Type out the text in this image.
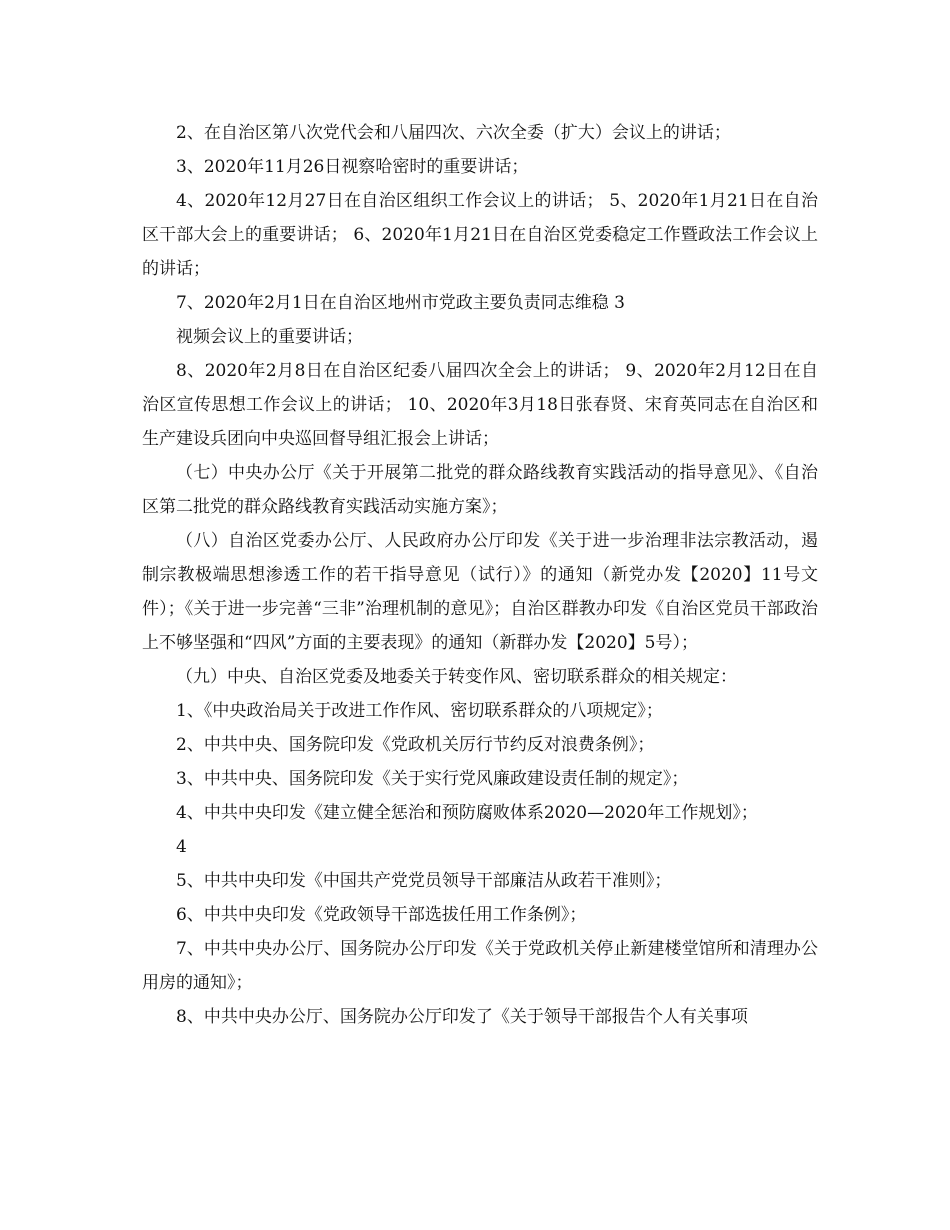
2、在自治区第八次党代会和八届四次、六次全委（扩大）会议上的讲话；

3、2020年11月26日视察哈密时的重要讲话；

4、2020年12月27日在自治区组织工作会议上的讲话； 5、2020年1月21日在自治区干部大会上的重要讲话； 6、2020年1月21日在自治区党委稳定工作暨政法工作会议上的讲话；

7、2020年2月1日在自治区地州市党政主要负责同志维稳 3

视频会议上的重要讲话；

8、2020年2月8日在自治区纪委八届四次全会上的讲话； 9、2020年2月12日在自治区宣传思想工作会议上的讲话； 10、2020年3月18日张春贤、宋育英同志在自治区和生产建设兵团向中央巡回督导组汇报会上讲话；

（七）中央办公厅《关于开展第二批党的群众路线教育实践活动的指导意见》、《自治区第二批党的群众路线教育实践活动实施方案》；

（八）自治区党委办公厅、人民政府办公厅印发《关于进一步治理非法宗教活动，遏制宗教极端思想渗透工作的若干指导意见（试行）》的通知（新党办发【2020】11号文件）；《关于进一步完善“三非”治理机制的意见》；自治区群教办印发《自治区党员干部政治上不够坚强和“四风”方面的主要表现》的通知（新群办发【2020】5号）；

（九）中央、自治区党委及地委关于转变作风、密切联系群众的相关规定：

1、《中央政治局关于改进工作作风、密切联系群众的八项规定》；

2、中共中央、国务院印发《党政机关厉行节约反对浪费条例》；

3、中共中央、国务院印发《关于实行党风廉政建设责任制的规定》；

4、中共中央印发《建立健全惩治和预防腐败体系2020—2020年工作规划》；

4

5、中共中央印发《中国共产党党员领导干部廉洁从政若干准则》；

6、中共中央印发《党政领导干部选拔任用工作条例》；

7、中共中央办公厅、国务院办公厅印发《关于党政机关停止新建楼堂馆所和清理办公用房的通知》；

8、中共中央办公厅、国务院办公厅印发了《关于领导干部报告个人有关事项
